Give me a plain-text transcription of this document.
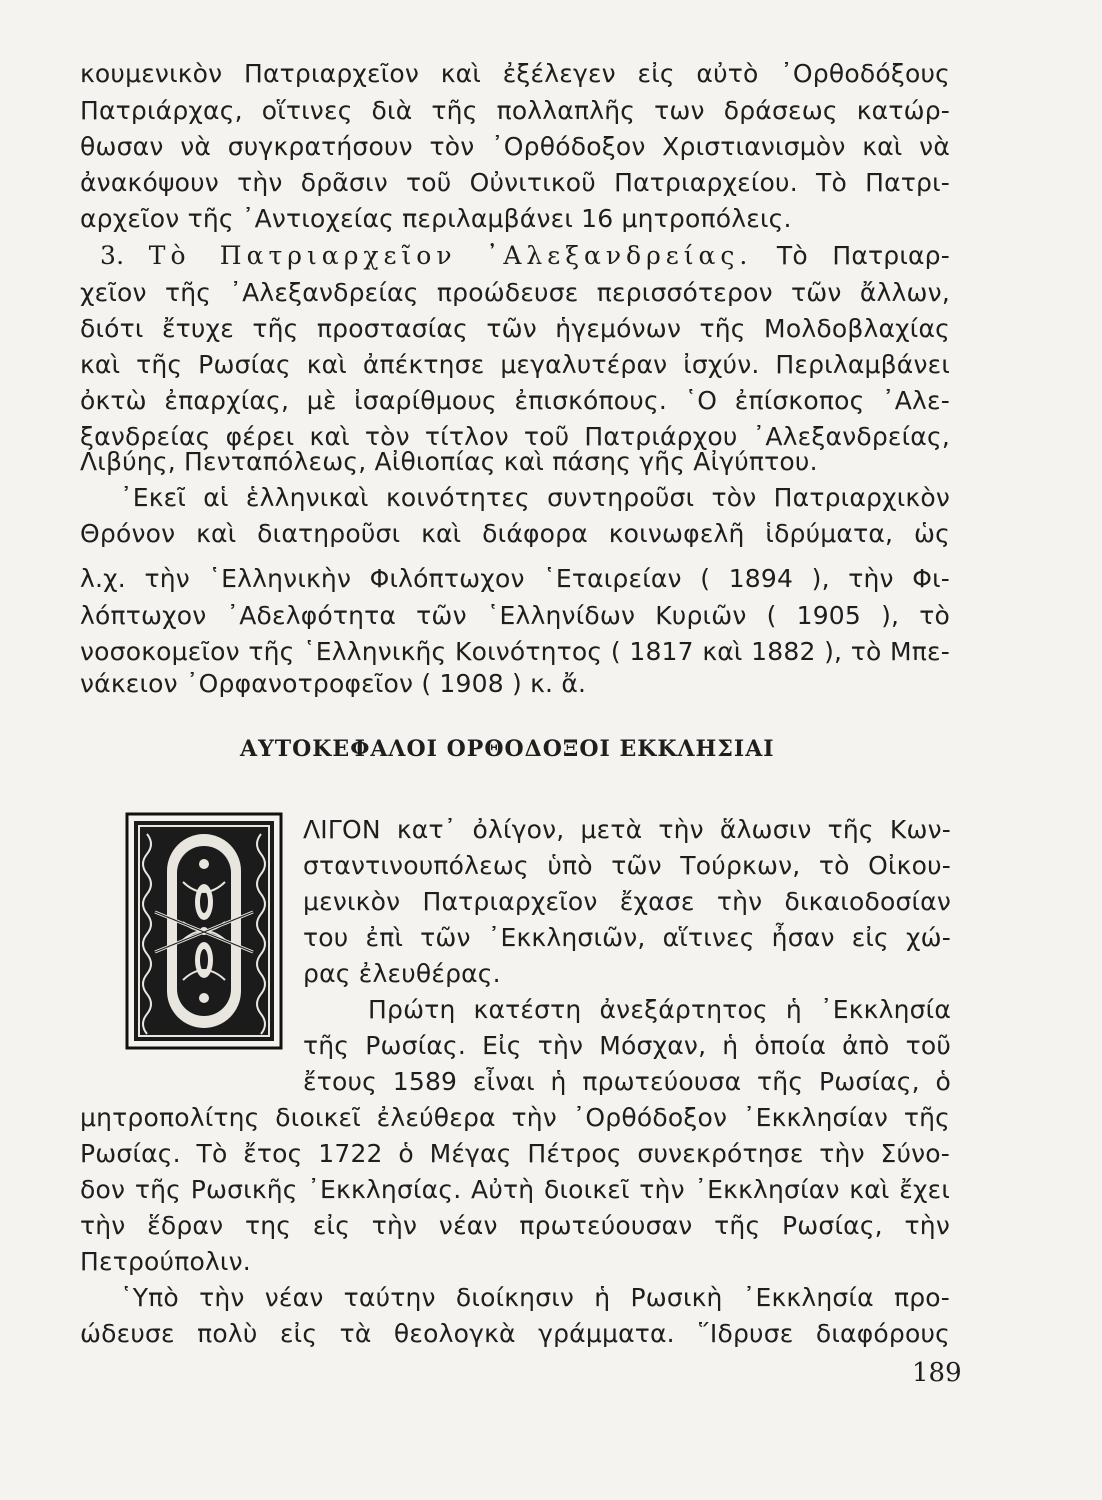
κουμενικὸν Πατριαρχεῖον καὶ ἐξέλεγεν εἰς αὐτὸ ᾿Ορθοδόξους
Πατριάρχας, οἵτινες διὰ τῆς πολλαπλῆς των δράσεως κατώρ-
θωσαν νὰ συγκρατήσουν τὸν ᾿Ορθόδοξον Χριστιανισμὸν καὶ νὰ
ἀνακόψουν τὴν δρᾶσιν τοῦ Οὐνιτικοῦ Πατριαρχείου. Τὸ Πατρι-
αρχεῖον τῆς ᾿Αντιοχείας περιλαμβάνει 16 μητροπόλεις.
3. Τὸ Πατριαρχεῖον ᾿Αλεξανδρείας. Τὸ Πατριαρ-
χεῖον τῆς ᾿Αλεξανδρείας προώδευσε περισσότερον τῶν ἄλλων,
διότι ἔτυχε τῆς προστασίας τῶν ἡγεμόνων τῆς Μολδοβλαχίας
καὶ τῆς Ρωσίας καὶ ἀπέκτησε μεγαλυτέραν ἰσχύν. Περιλαμβάνει
ὀκτὼ ἐπαρχίας, μὲ ἰσαρίθμους ἐπισκόπους. ῾Ο ἐπίσκοπος ᾿Αλε-
ξανδρείας φέρει καὶ τὸν τίτλον τοῦ Πατριάρχου ᾿Αλεξανδρείας,
Λιβύης, Πενταπόλεως, Αἰθιοπίας καὶ πάσης γῆς Αἰγύπτου.
᾿Εκεῖ αἱ ἑλληνικαὶ κοινότητες συντηροῦσι τὸν Πατριαρχικὸν
Θρόνον καὶ διατηροῦσι καὶ διάφορα κοινωφελῆ ἱδρύματα, ὡς
λ.χ. τὴν ῾Ελληνικὴν Φιλόπτωχον ῾Εταιρείαν ( 1894 ), τὴν Φι-
λόπτωχον ᾿Αδελφότητα τῶν ῾Ελληνίδων Κυριῶν ( 1905 ), τὸ
νοσοκομεῖον τῆς ῾Ελληνικῆς Κοινότητος ( 1817 καὶ 1882 ), τὸ Μπε-
νάκειον ᾿Ορφανοτροφεῖον ( 1908 ) κ. ἄ.
ΑΥΤΟΚΕΦΑΛΟΙ ΟΡΘΟΔΟΞΟΙ ΕΚΚΛΗΣΙΑΙ
ΛΙΓΟΝ κατ᾿ ὀλίγον, μετὰ τὴν ἅλωσιν τῆς Κων-
σταντινουπόλεως ὑπὸ τῶν Τούρκων, τὸ Οἰκου-
μενικὸν Πατριαρχεῖον ἔχασε τὴν δικαιοδοσίαν
του ἐπὶ τῶν ᾿Εκκλησιῶν, αἵτινες ἦσαν εἰς χώ-
ρας ἐλευθέρας.
Πρώτη κατέστη ἀνεξάρτητος ἡ ᾿Εκκλησία
τῆς Ρωσίας. Εἰς τὴν Μόσχαν, ἡ ὁποία ἀπὸ τοῦ
ἔτους 1589 εἶναι ἡ πρωτεύουσα τῆς Ρωσίας, ὁ
μητροπολίτης διοικεῖ ἐλεύθερα τὴν ᾿Ορθόδοξον ᾿Εκκλησίαν τῆς
Ρωσίας. Τὸ ἔτος 1722 ὁ Μέγας Πέτρος συνεκρότησε τὴν Σύνο-
δον τῆς Ρωσικῆς ᾿Εκκλησίας. Αὐτὴ διοικεῖ τὴν ᾿Εκκλησίαν καὶ ἔχει
τὴν ἕδραν της εἰς τὴν νέαν πρωτεύουσαν τῆς Ρωσίας, τὴν
Πετρούπολιν.
῾Υπὸ τὴν νέαν ταύτην διοίκησιν ἡ Ρωσικὴ ᾿Εκκλησία προ-
ώδευσε πολὺ εἰς τὰ θεολογκὰ γράμματα. ῞Ιδρυσε διαφόρους
189
